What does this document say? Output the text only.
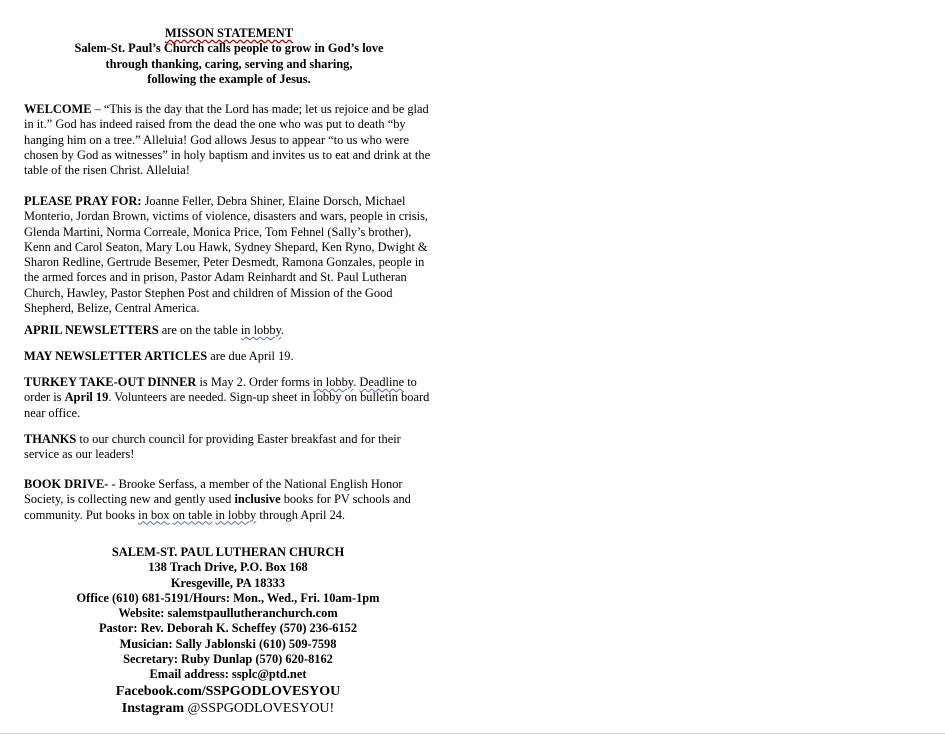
MISSON STATEMENT
Salem-St. Paul’s Church calls people to grow in God’s love
through thanking, caring, serving and sharing,
following the example of Jesus.

WELCOME – “This is the day that the Lord has made; let us rejoice and be glad in it.” God has indeed raised from the dead the one who was put to death “by hanging him on a tree.” Alleluia! God allows Jesus to appear “to us who were chosen by God as witnesses” in holy baptism and invites us to eat and drink at the table of the risen Christ. Alleluia!

PLEASE PRAY FOR: Joanne Feller, Debra Shiner, Elaine Dorsch, Michael Monterio, Jordan Brown, victims of violence, disasters and wars, people in crisis, Glenda Martini, Norma Correale, Monica Price, Tom Fehnel (Sally’s brother), Kenn and Carol Seaton, Mary Lou Hawk, Sydney Shepard, Ken Ryno, Dwight & Sharon Redline, Gertrude Besemer, Peter Desmedt, Ramona Gonzales, people in the armed forces and in prison, Pastor Adam Reinhardt and St. Paul Lutheran Church, Hawley, Pastor Stephen Post and children of Mission of the Good Shepherd, Belize, Central America.

APRIL NEWSLETTERS are on the table in lobby.

MAY NEWSLETTER ARTICLES are due April 19.

TURKEY TAKE-OUT DINNER is May 2. Order forms in lobby. Deadline to order is April 19. Volunteers are needed. Sign-up sheet in lobby on bulletin board near office.

THANKS to our church council for providing Easter breakfast and for their service as our leaders!

BOOK DRIVE- - Brooke Serfass, a member of the National English Honor Society, is collecting new and gently used inclusive books for PV schools and community. Put books in box on table in lobby through April 24.

SALEM-ST. PAUL LUTHERAN CHURCH
138 Trach Drive, P.O. Box 168
Kresgeville, PA 18333
Office (610) 681-5191/Hours: Mon., Wed., Fri. 10am-1pm
Website: salemstpaullutheranchurch.com
Pastor: Rev. Deborah K. Scheffey (570) 236-6152
Musician: Sally Jablonski (610) 509-7598
Secretary: Ruby Dunlap (570) 620-8162
Email address: ssplc@ptd.net
Facebook.com/SSPGODLOVESYOU
Instagram @SSPGODLOVESYOU!
